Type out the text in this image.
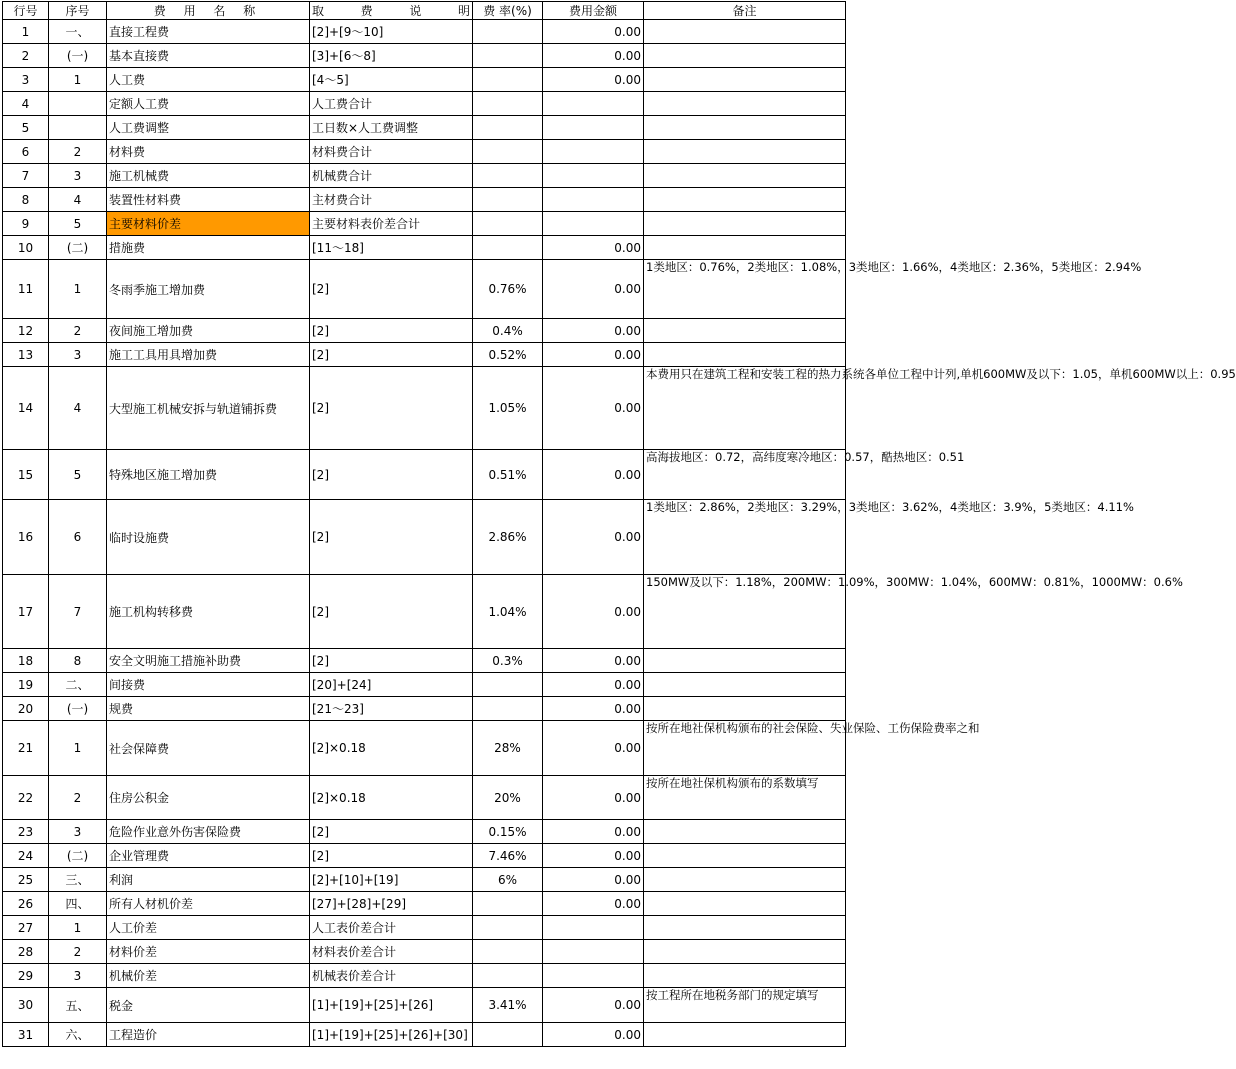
行号	序号	费 用 名 称	取 费 说 明	费 率(%)	费用金额	备注
1	一、	直接工程费	[2]+[9～10]		0.00	
2	(一)	基本直接费	[3]+[6～8]		0.00	
3	1	人工费	[4～5]		0.00	
4		定额人工费	人工费合计			
5		人工费调整	工日数×人工费调整			
6	2	材料费	材料费合计			
7	3	施工机械费	机械费合计			
8	4	装置性材料费	主材费合计			
9	5	主要材料价差	主要材料表价差合计			
10	(二)	措施费	[11～18]		0.00	
11	1	冬雨季施工增加费	[2]	0.76%	0.00	1类地区：0.76%，2类地区：1.08%，3类地区：1.66%，4类地区：2.36%，5类地区：2.94%
12	2	夜间施工增加费	[2]	0.4%	0.00	
13	3	施工工具用具增加费	[2]	0.52%	0.00	
14	4	大型施工机械安拆与轨道铺拆费	[2]	1.05%	0.00	本费用只在建筑工程和安装工程的热力系统各单位工程中计列,单机600MW及以下：1.05，单机600MW以上：0.95
15	5	特殊地区施工增加费	[2]	0.51%	0.00	高海拔地区：0.72，高纬度寒冷地区：0.57，酷热地区：0.51
16	6	临时设施费	[2]	2.86%	0.00	1类地区：2.86%，2类地区：3.29%，3类地区：3.62%，4类地区：3.9%，5类地区：4.11%
17	7	施工机构转移费	[2]	1.04%	0.00	150MW及以下：1.18%，200MW：1.09%，300MW：1.04%，600MW：0.81%，1000MW：0.6%
18	8	安全文明施工措施补助费	[2]	0.3%	0.00	
19	二、	间接费	[20]+[24]		0.00	
20	(一)	规费	[21～23]		0.00	
21	1	社会保障费	[2]×0.18	28%	0.00	按所在地社保机构颁布的社会保险、失业保险、工伤保险费率之和
22	2	住房公积金	[2]×0.18	20%	0.00	按所在地社保机构颁布的系数填写
23	3	危险作业意外伤害保险费	[2]	0.15%	0.00	
24	(二)	企业管理费	[2]	7.46%	0.00	
25	三、	利润	[2]+[10]+[19]	6%	0.00	
26	四、	所有人材机价差	[27]+[28]+[29]		0.00	
27	1	人工价差	人工表价差合计			
28	2	材料价差	材料表价差合计			
29	3	机械价差	机械表价差合计			
30	五、	税金	[1]+[19]+[25]+[26]	3.41%	0.00	按工程所在地税务部门的规定填写
31	六、	工程造价	[1]+[19]+[25]+[26]+[30]		0.00	
